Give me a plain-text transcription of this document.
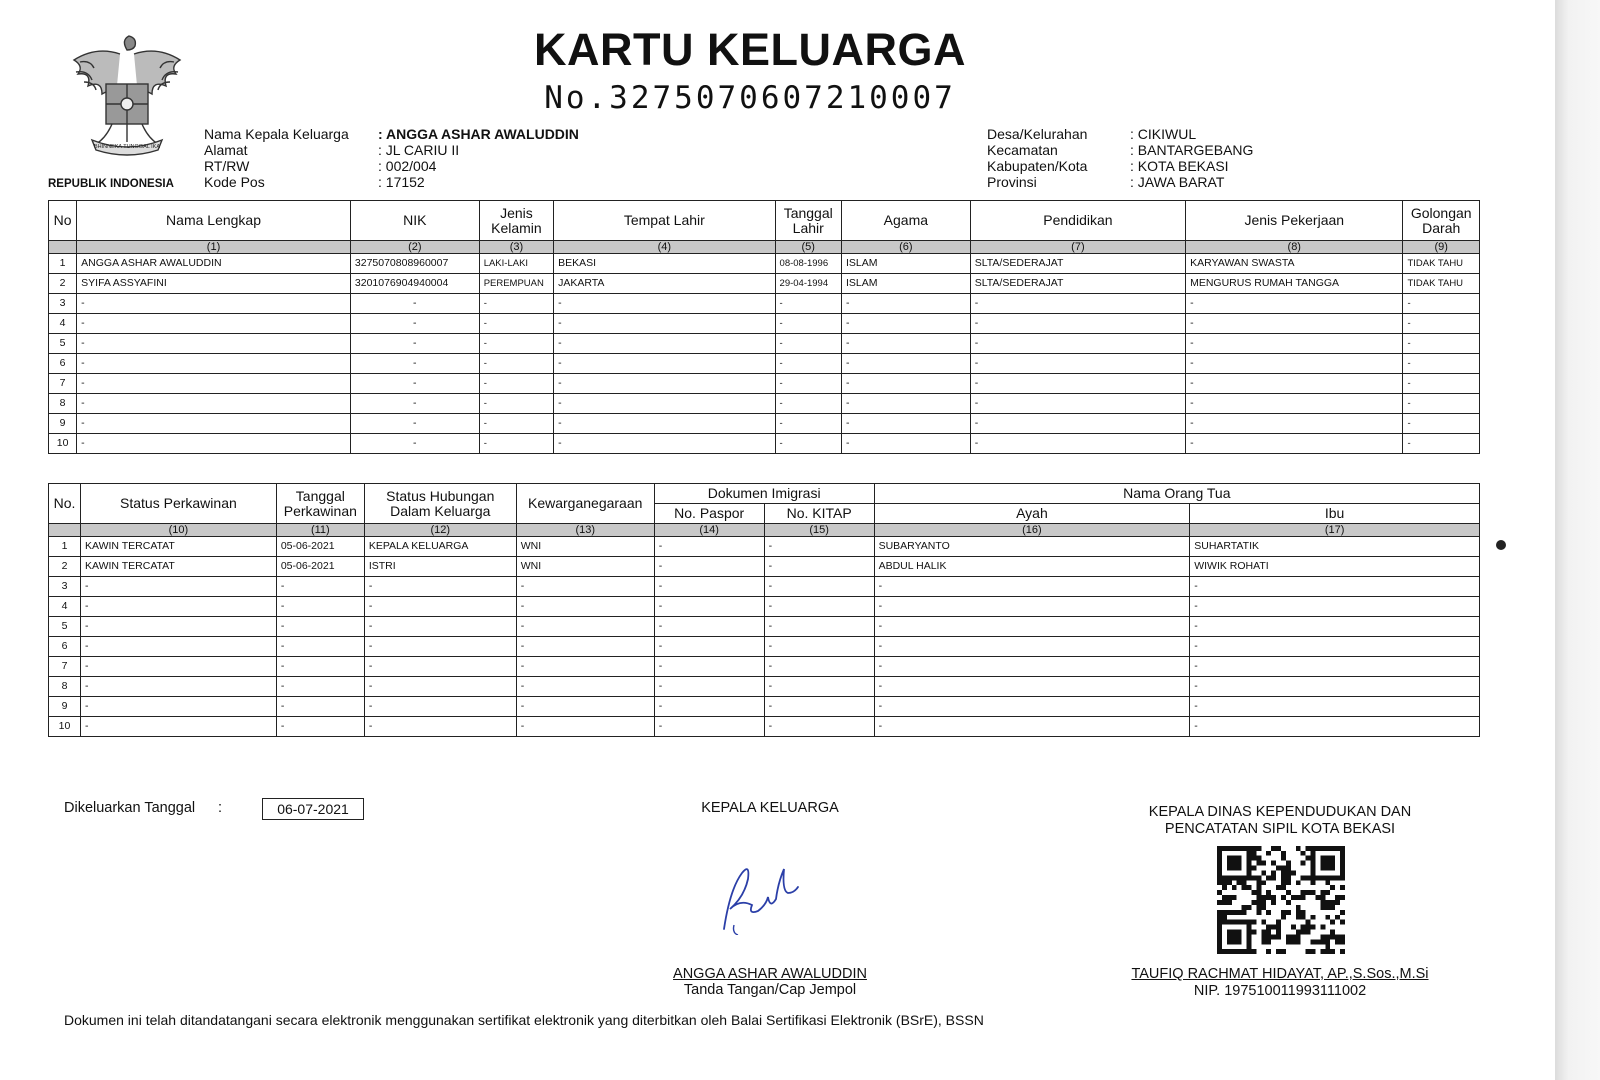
BHINNEKA TUNGGAL IKA
REPUBLIK INDONESIA
KARTU KELUARGA
No.3275070607210007
Nama Kepala Keluarga
Alamat
RT/RW
Kode Pos
: ANGGA ASHAR AWALUDDIN
: JL CARIU II
: 002/004
: 17152
Desa/Kelurahan
Kecamatan
Kabupaten/Kota
Provinsi
: CIKIWUL
: BANTARGEBANG
: KOTA BEKASI
: JAWA BARAT
No	Nama Lengkap	NIK	Jenis Kelamin	Tempat Lahir	Tanggal Lahir	Agama	Pendidikan	Jenis Pekerjaan	Golongan Darah
	(1)	(2)	(3)	(4)	(5)	(6)	(7)	(8)	(9)
1	ANGGA ASHAR AWALUDDIN	3275070808960007	LAKI-LAKI	BEKASI	08-08-1996	ISLAM	SLTA/SEDERAJAT	KARYAWAN SWASTA	TIDAK TAHU
2	SYIFA ASSYAFINI	3201076904940004	PEREMPUAN	JAKARTA	29-04-1994	ISLAM	SLTA/SEDERAJAT	MENGURUS RUMAH TANGGA	TIDAK TAHU
3	-	-	-	-	-	-	-	-	-
4	-	-	-	-	-	-	-	-	-
5	-	-	-	-	-	-	-	-	-
6	-	-	-	-	-	-	-	-	-
7	-	-	-	-	-	-	-	-	-
8	-	-	-	-	-	-	-	-	-
9	-	-	-	-	-	-	-	-	-
10	-	-	-	-	-	-	-	-	-
No.	Status Perkawinan	Tanggal Perkawinan	Status Hubungan Dalam Keluarga	Kewarganegaraan	Dokumen Imigrasi		Nama Orang Tua	
					No. Paspor	No. KITAP	Ayah	Ibu
	(10)	(11)	(12)	(13)	(14)	(15)	(16)	(17)
1	KAWIN TERCATAT	05-06-2021	KEPALA KELUARGA	WNI	-	-	SUBARYANTO	SUHARTATIK
2	KAWIN TERCATAT	05-06-2021	ISTRI	WNI	-	-	ABDUL HALIK	WIWIK ROHATI
3	-	-	-	-	-	-	-	-
4	-	-	-	-	-	-	-	-
5	-	-	-	-	-	-	-	-
6	-	-	-	-	-	-	-	-
7	-	-	-	-	-	-	-	-
8	-	-	-	-	-	-	-	-
9	-	-	-	-	-	-	-	-
10	-	-	-	-	-	-	-	-
Dikeluarkan Tanggal :	06-07-2021	KEPALA KELUARGA
ANGGA ASHAR AWALUDDIN
Tanda Tangan/Cap Jempol
KEPALA DINAS KEPENDUDUKAN DAN
PENCATATAN SIPIL KOTA BEKASI
TAUFIQ RACHMAT HIDAYAT, AP.,S.Sos.,M.Si
NIP. 197510011993111002
Dokumen ini telah ditandatangani secara elektronik menggunakan sertifikat elektronik yang diterbitkan oleh Balai Sertifikasi Elektronik (BSrE), BSSN
